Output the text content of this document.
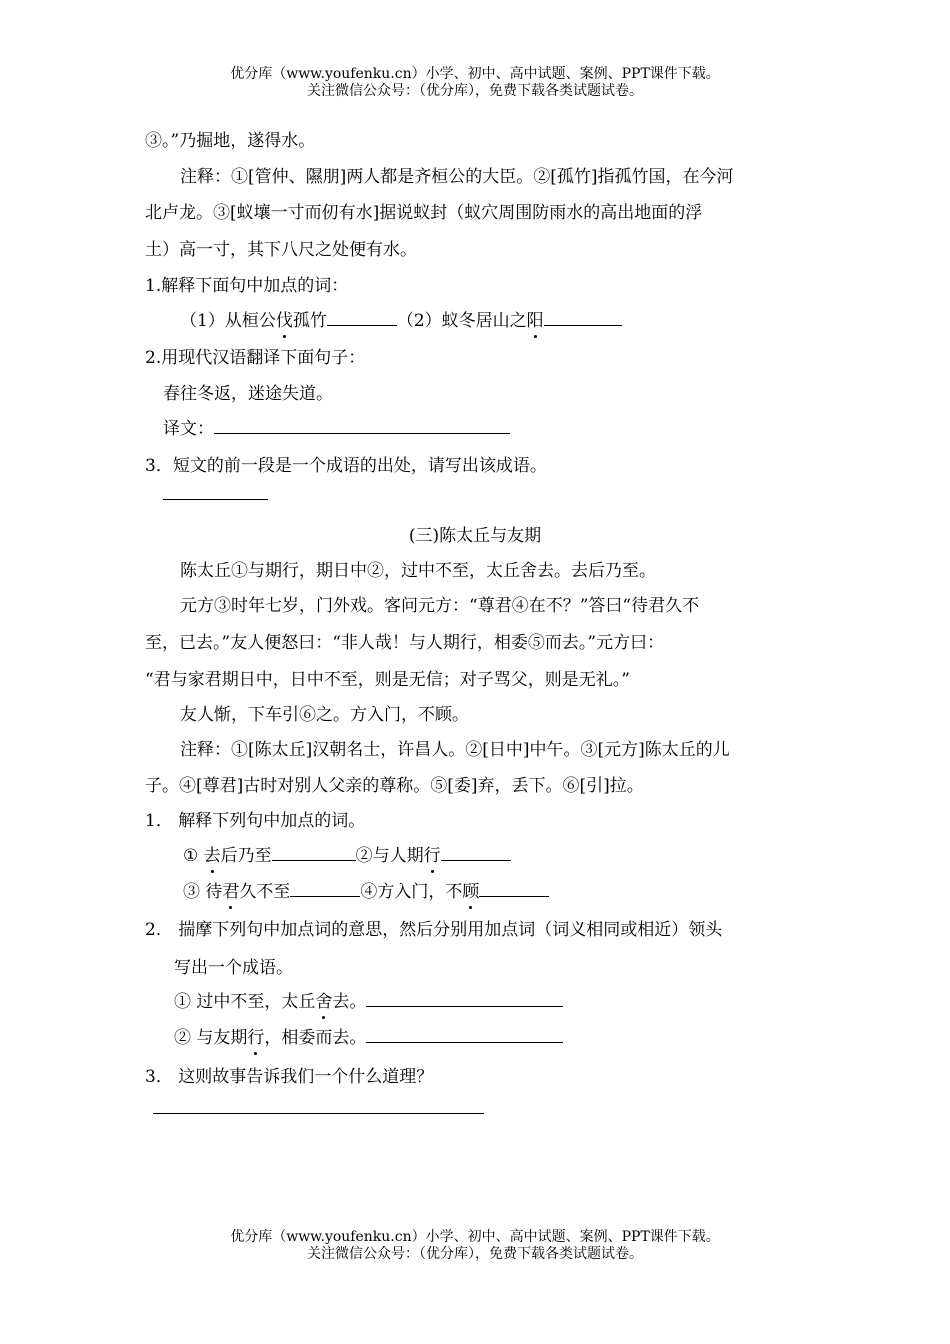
优分库（www.youfenku.cn）小学、初中、高中试题、案例、PPT课件下载。
关注微信公众号：（优分库），免费下载各类试题试卷。
③。”乃掘地，遂得水。
注释：①[管仲、隰朋]两人都是齐桓公的大臣。②[孤竹]指孤竹国，在今河
北卢龙。③[蚁壤一寸而仞有水]据说蚁封（蚁穴周围防雨水的高出地面的浮
土）高一寸，其下八尺之处便有水。
1.解释下面句中加点的词：
（1）从桓公伐孤竹	（2）蚁冬居山之阳
2.用现代汉语翻译下面句子：
春往冬返，迷途失道。
译文：
3．短文的前一段是一个成语的出处，请写出该成语。
(三)陈太丘与友期
陈太丘①与期行，期日中②，过中不至，太丘舍去。去后乃至。
元方③时年七岁，门外戏。客问元方：“尊君④在不？”答曰“待君久不
至，已去。”友人便怒曰：“非人哉！与人期行，相委⑤而去。”元方曰：
“君与家君期日中，日中不至，则是无信；对子骂父，则是无礼。”
友人惭，下车引⑥之。方入门，不顾。
注释：①[陈太丘]汉朝名士，许昌人。②[日中]中午。③[元方]陈太丘的儿
子。④[尊君]古时对别人父亲的尊称。⑤[委]弃，丢下。⑥[引]拉。
1． 解释下列句中加点的词。
① 去后乃至	②与人期行
③ 待君久不至	④方入门，不顾
2． 揣摩下列句中加点词的意思，然后分别用加点词（词义相同或相近）领头
写出一个成语。
① 过中不至，太丘舍去。
② 与友期行，相委而去。
3． 这则故事告诉我们一个什么道理？
优分库（www.youfenku.cn）小学、初中、高中试题、案例、PPT课件下载。
关注微信公众号：（优分库），免费下载各类试题试卷。
